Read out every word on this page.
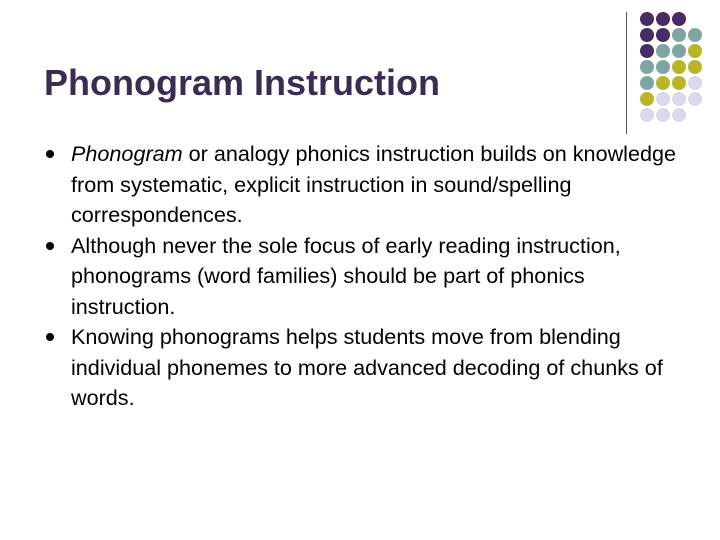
Phonogram Instruction
Phonogram or analogy phonics instruction builds on knowledge from systematic, explicit instruction in sound/spelling correspondences.
Although never the sole focus of early reading instruction, phonograms (word families) should be part of phonics instruction.
Knowing phonograms helps students move from blending individual phonemes to more advanced decoding of chunks of words.
